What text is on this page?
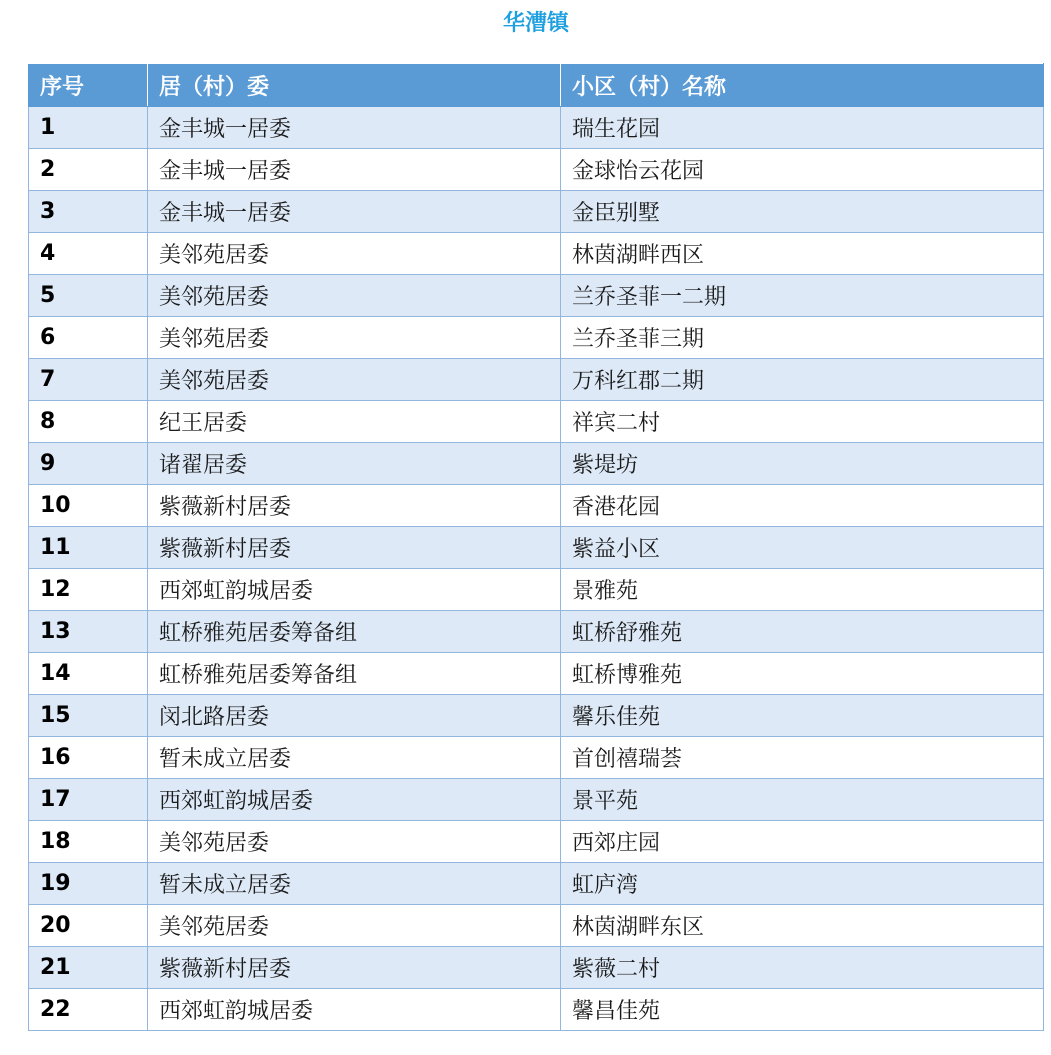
华漕镇
序号	居（村）委	小区（村）名称
1	金丰城一居委	瑞生花园
2	金丰城一居委	金球怡云花园
3	金丰城一居委	金臣别墅
4	美邻苑居委	林茵湖畔西区
5	美邻苑居委	兰乔圣菲一二期
6	美邻苑居委	兰乔圣菲三期
7	美邻苑居委	万科红郡二期
8	纪王居委	祥宾二村
9	诸翟居委	紫堤坊
10	紫薇新村居委	香港花园
11	紫薇新村居委	紫益小区
12	西郊虹韵城居委	景雅苑
13	虹桥雅苑居委筹备组	虹桥舒雅苑
14	虹桥雅苑居委筹备组	虹桥博雅苑
15	闵北路居委	馨乐佳苑
16	暂未成立居委	首创禧瑞荟
17	西郊虹韵城居委	景平苑
18	美邻苑居委	西郊庄园
19	暂未成立居委	虹庐湾
20	美邻苑居委	林茵湖畔东区
21	紫薇新村居委	紫薇二村
22	西郊虹韵城居委	馨昌佳苑
